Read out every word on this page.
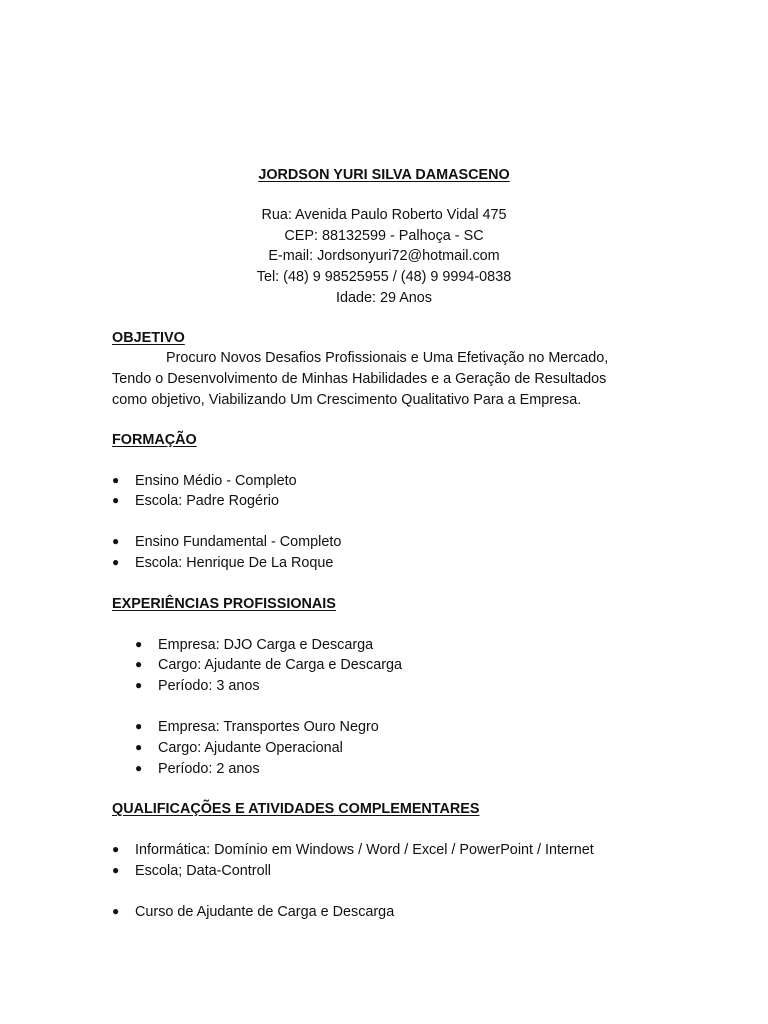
JORDSON YURI SILVA DAMASCENO
Rua: Avenida Paulo Roberto Vidal 475
CEP: 88132599 - Palhoça - SC
E-mail: Jordsonyuri72@hotmail.com
Tel: (48) 9 98525955 / (48) 9 9994-0838
Idade: 29 Anos
OBJETIVO
Procuro Novos Desafios Profissionais e Uma Efetivação no Mercado,
Tendo o Desenvolvimento de Minhas Habilidades e a Geração de Resultados
como objetivo, Viabilizando Um Crescimento Qualitativo Para a Empresa.
FORMAÇÃO
● Ensino Médio - Completo
● Escola: Padre Rogério
● Ensino Fundamental - Completo
● Escola: Henrique De La Roque
EXPERIÊNCIAS PROFISSIONAIS
● Empresa: DJO Carga e Descarga
● Cargo: Ajudante de Carga e Descarga
● Período: 3 anos
● Empresa: Transportes Ouro Negro
● Cargo: Ajudante Operacional
● Período: 2 anos
QUALIFICAÇÕES E ATIVIDADES COMPLEMENTARES
● Informática: Domínio em Windows / Word / Excel / PowerPoint / Internet
● Escola; Data-Controll
● Curso de Ajudante de Carga e Descarga
